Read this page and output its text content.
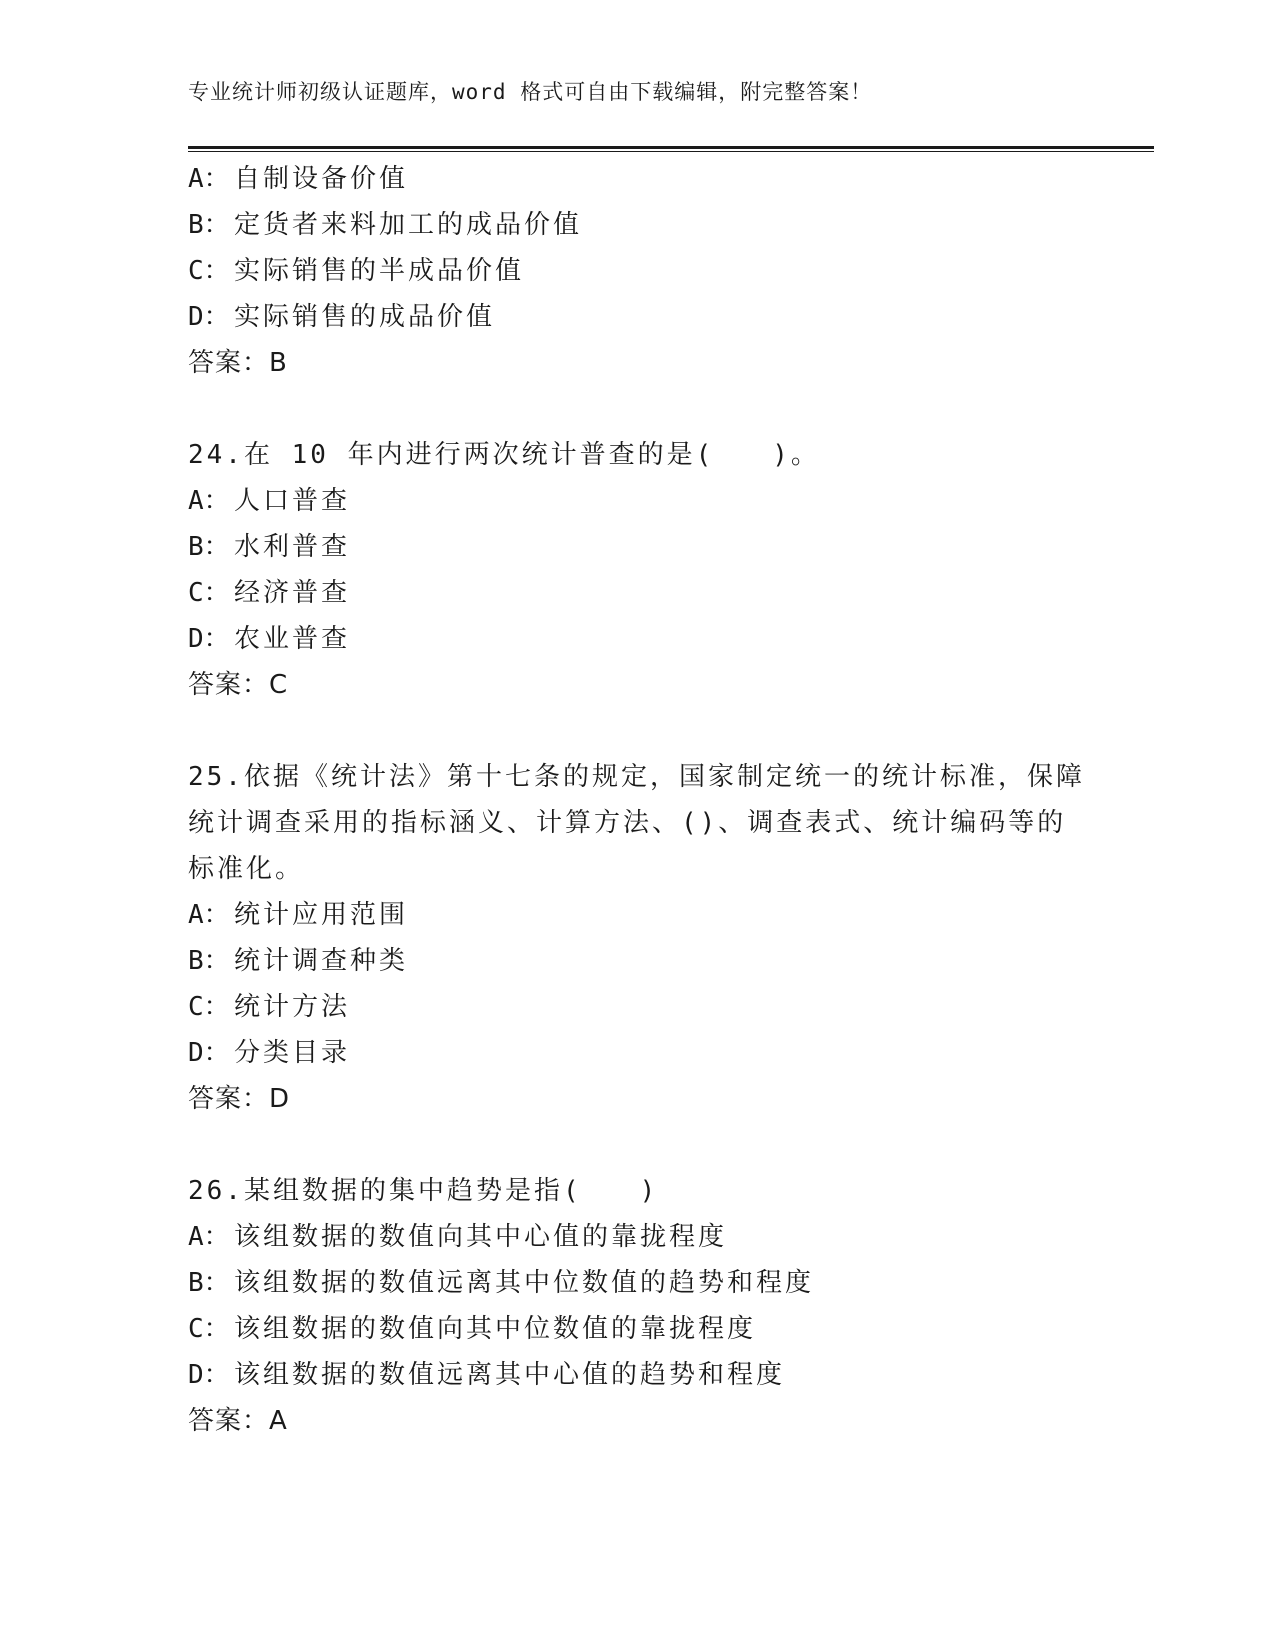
专业统计师初级认证题库，word 格式可自由下载编辑，附完整答案！
A： 自制设备价值
B： 定货者来料加工的成品价值
C： 实际销售的半成品价值
D： 实际销售的成品价值
答案：B
24.在 10 年内进行两次统计普查的是(　　)。
A： 人口普查
B： 水利普查
C： 经济普查
D： 农业普查
答案：C
25.依据《统计法》第十七条的规定，国家制定统一的统计标准，保障
统计调查采用的指标涵义、计算方法、()、调查表式、统计编码等的
标准化。
A： 统计应用范围
B： 统计调查种类
C： 统计方法
D： 分类目录
答案：D
26.某组数据的集中趋势是指(　　)
A： 该组数据的数值向其中心值的靠拢程度
B： 该组数据的数值远离其中位数值的趋势和程度
C： 该组数据的数值向其中位数值的靠拢程度
D： 该组数据的数值远离其中心值的趋势和程度
答案：A
